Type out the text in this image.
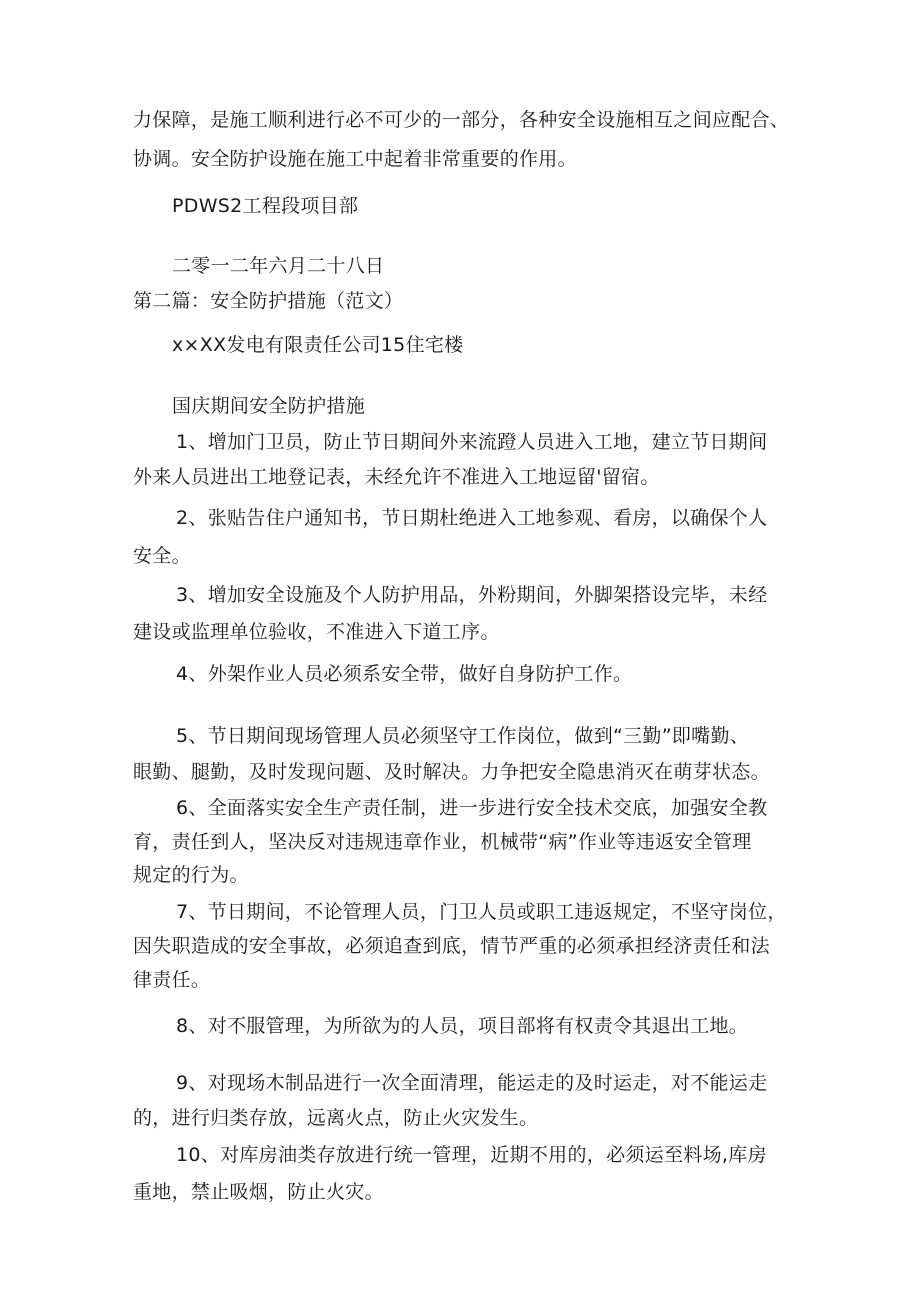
力保障，是施工顺利进行必不可少的一部分，各种安全设施相互之间应配合、
协调。安全防护设施在施工中起着非常重要的作用。
PDWS2工程段项目部
二零一二年六月二十八日
第二篇：安全防护措施（范文）
x×XX发电有限责任公司15住宅楼
国庆期间安全防护措施
1、增加门卫员，防止节日期间外来流蹬人员进入工地，建立节日期间
外来人员进出工地登记表，未经允许不准进入工地逗留'留宿。
2、张贴告住户通知书，节日期杜绝进入工地参观、看房，以确保个人
安全。
3、增加安全设施及个人防护用品，外粉期间，外脚架搭设完毕，未经
建设或监理单位验收，不准进入下道工序。
4、外架作业人员必须系安全带，做好自身防护工作。
5、节日期间现场管理人员必须坚守工作岗位，做到“三勤”即嘴勤、
眼勤、腿勤，及时发现问题、及时解决。力争把安全隐患消灭在萌芽状态。
6、全面落实安全生产责任制，进一步进行安全技术交底，加强安全教
育，责任到人，坚决反对违规违章作业，机械带“病”作业等违返安全管理
规定的行为。
7、节日期间，不论管理人员，门卫人员或职工违返规定，不坚守岗位，
因失职造成的安全事故，必须追查到底，情节严重的必须承担经济责任和法
律责任。
8、对不服管理，为所欲为的人员，项目部将有权责令其退出工地。
9、对现场木制品进行一次全面清理，能运走的及时运走，对不能运走
的，进行归类存放，远离火点，防止火灾发生。
10、对库房油类存放进行统一管理，近期不用的，必须运至料场,库房
重地，禁止吸烟，防止火灾。
